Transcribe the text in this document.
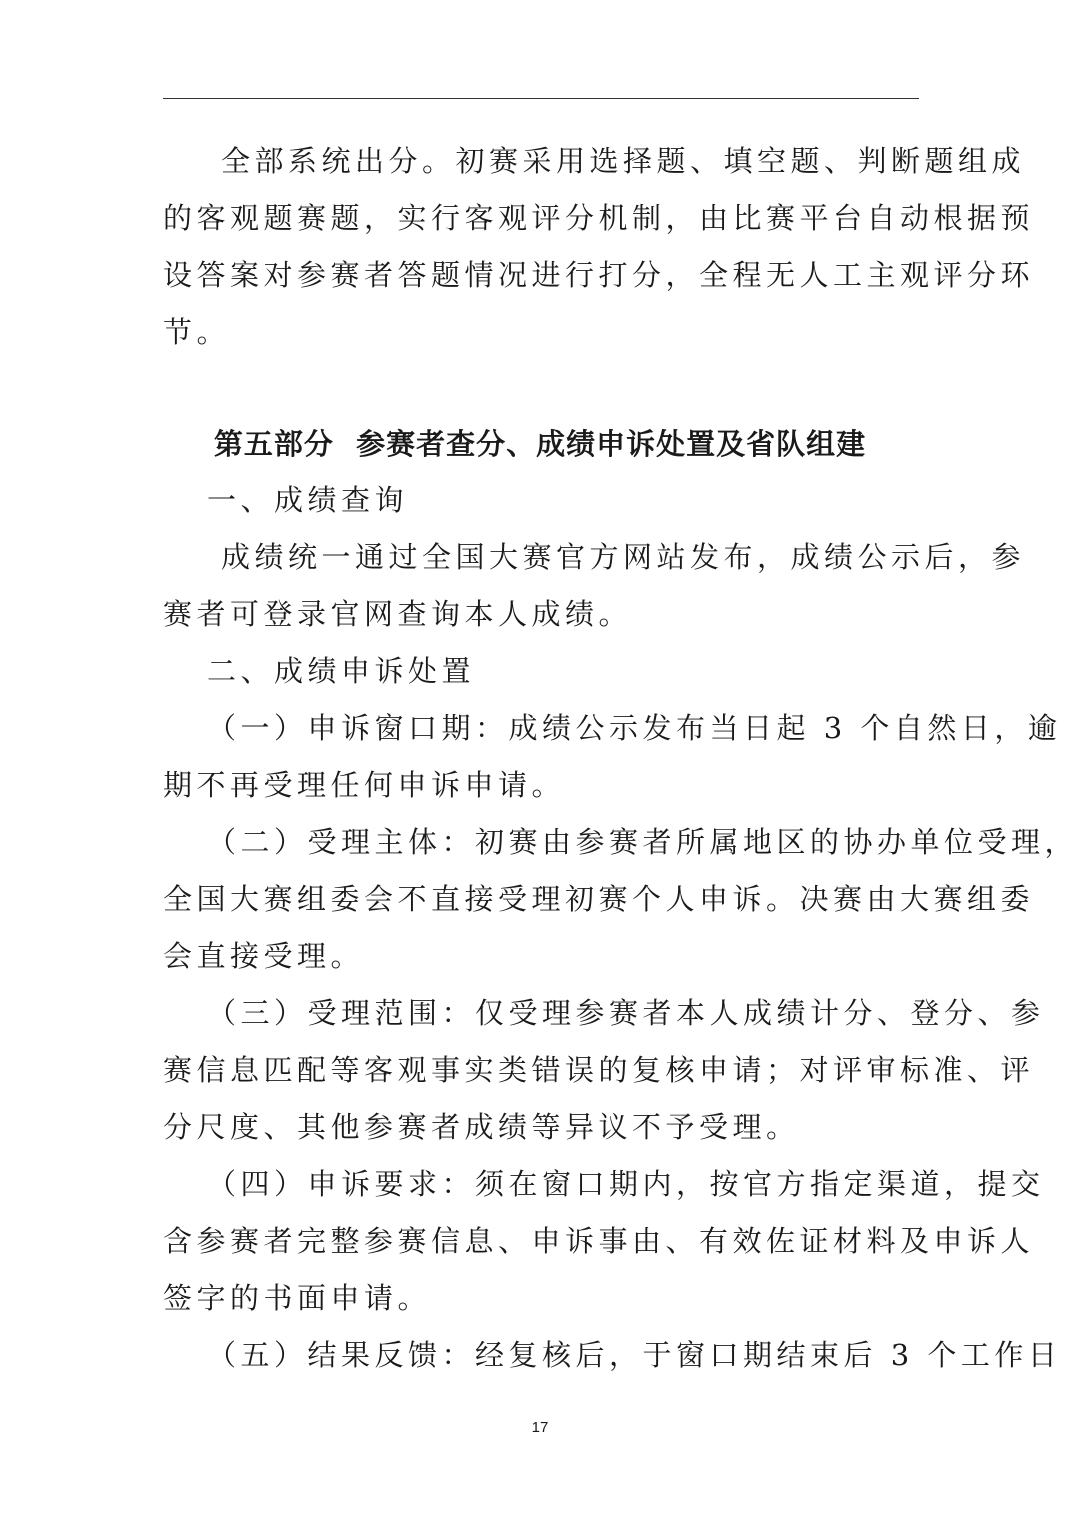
全部系统出分。初赛采用选择题、填空题、判断题组成
的客观题赛题，实行客观评分机制，由比赛平台自动根据预
设答案对参赛者答题情况进行打分，全程无人工主观评分环
节。
第五部分  参赛者查分、成绩申诉处置及省队组建
一、成绩查询
成绩统一通过全国大赛官方网站发布，成绩公示后，参
赛者可登录官网查询本人成绩。
二、成绩申诉处置
（一）申诉窗口期：成绩公示发布当日起 3 个自然日，逾
期不再受理任何申诉申请。
（二）受理主体：初赛由参赛者所属地区的协办单位受理，
全国大赛组委会不直接受理初赛个人申诉。决赛由大赛组委
会直接受理。
（三）受理范围：仅受理参赛者本人成绩计分、登分、参
赛信息匹配等客观事实类错误的复核申请；对评审标准、评
分尺度、其他参赛者成绩等异议不予受理。
（四）申诉要求：须在窗口期内，按官方指定渠道，提交
含参赛者完整参赛信息、申诉事由、有效佐证材料及申诉人
签字的书面申请。
（五）结果反馈：经复核后，于窗口期结束后 3 个工作日
17
